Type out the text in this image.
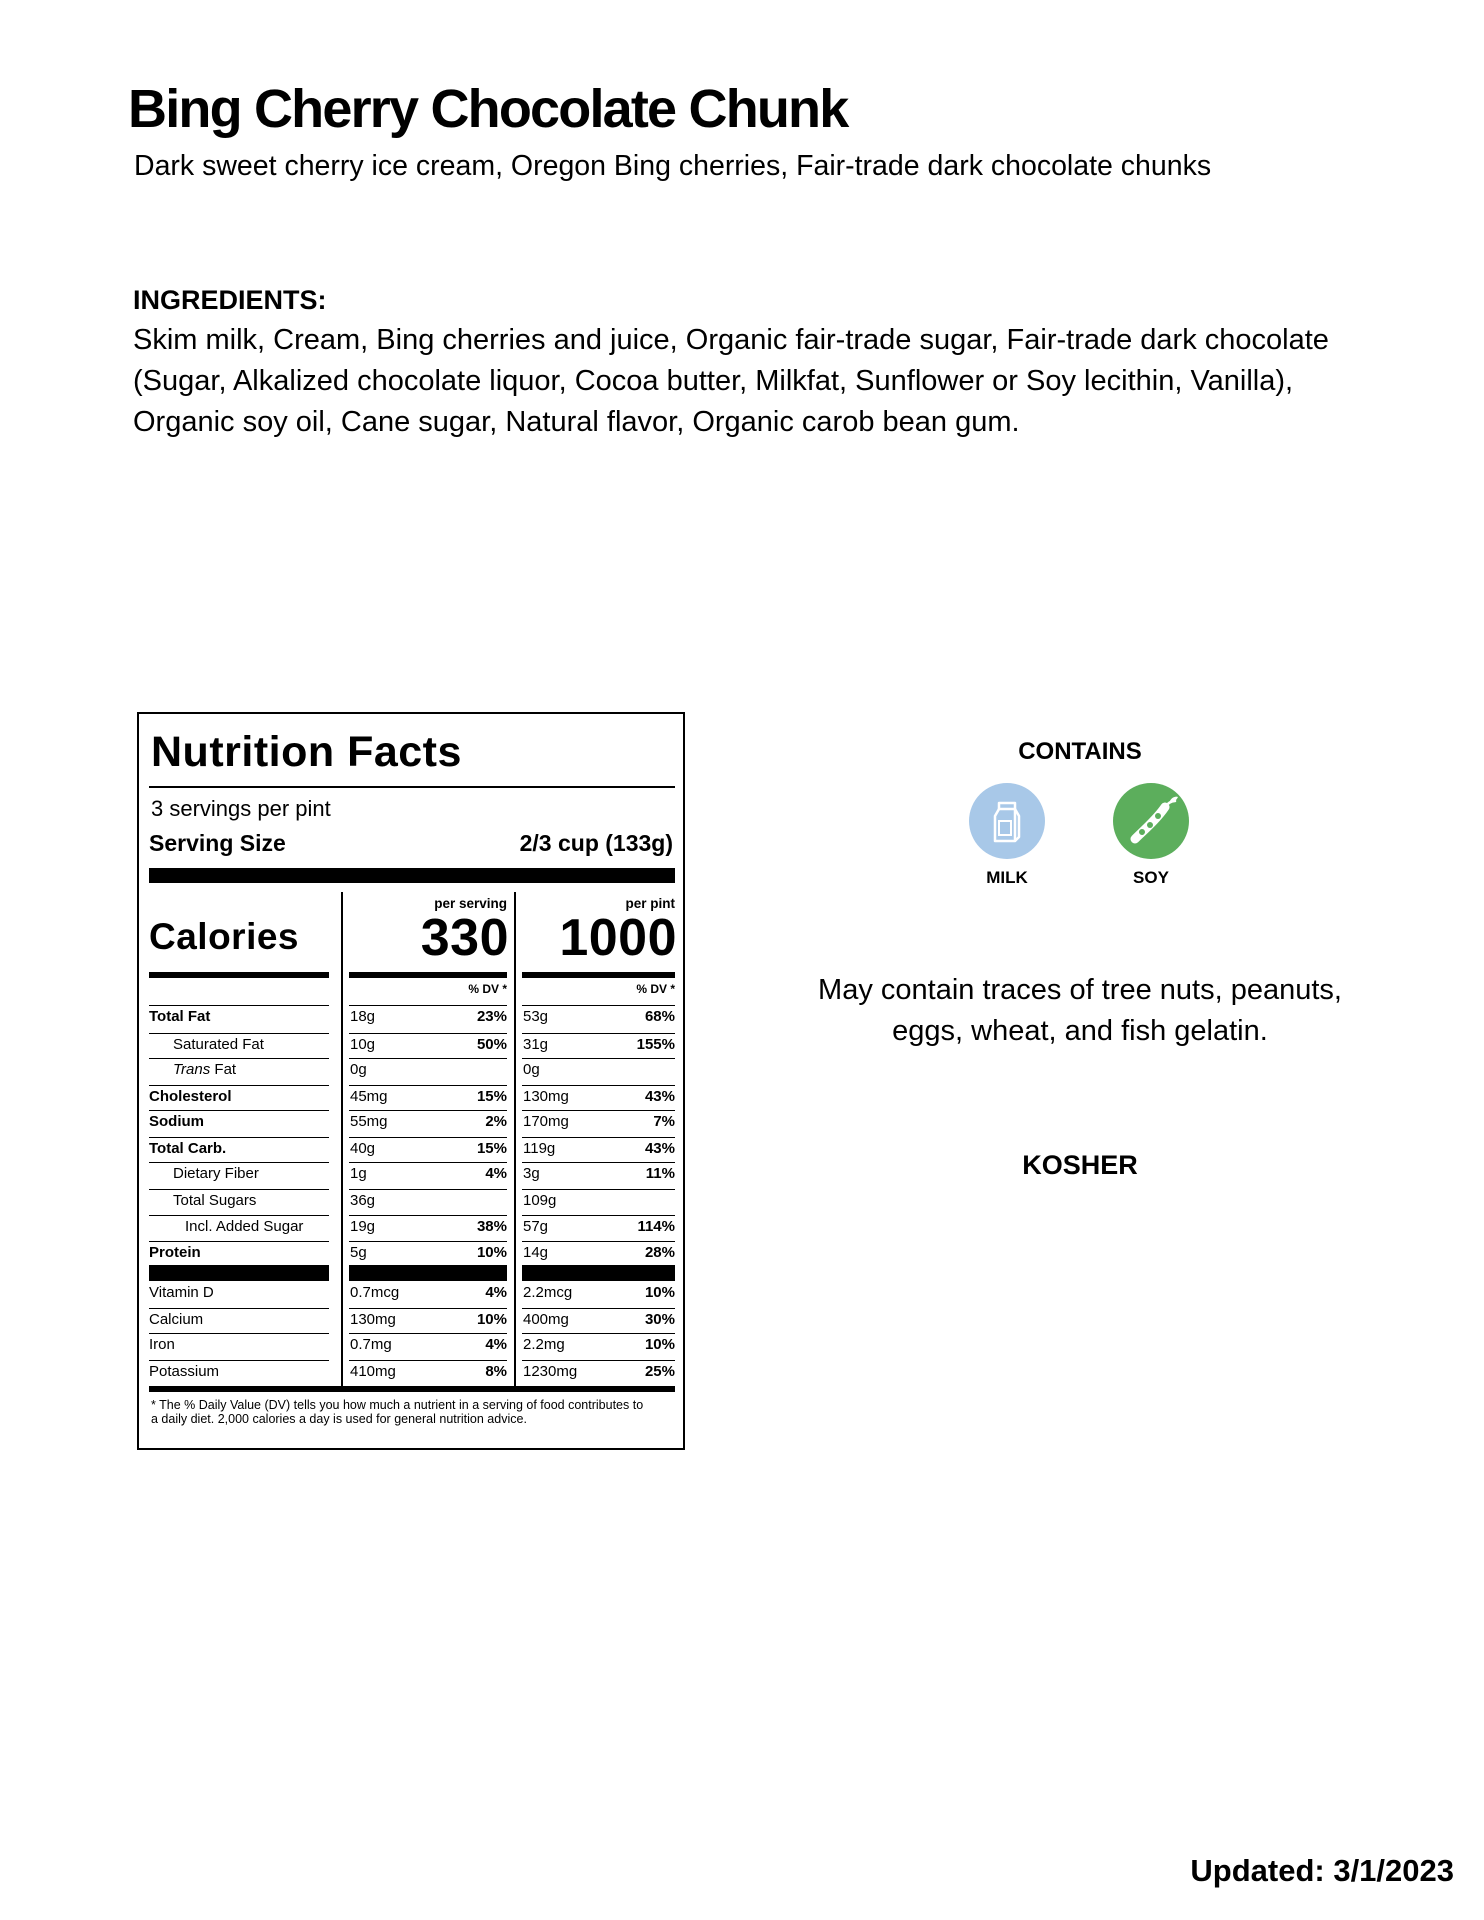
Bing Cherry Chocolate Chunk
Dark sweet cherry ice cream, Oregon Bing cherries, Fair-trade dark chocolate chunks
INGREDIENTS:
Skim milk, Cream, Bing cherries and juice, Organic fair-trade sugar, Fair-trade dark chocolate (Sugar, Alkalized chocolate liquor, Cocoa butter, Milkfat, Sunflower or Soy lecithin, Vanilla), Organic soy oil, Cane sugar, Natural flavor, Organic carob bean gum.
Nutrition Facts
3 servings per pint
Serving Size	2/3 cup (133g)
Calories
per serving	per pint
330 1000
% DV *	% DV *
* The % Daily Value (DV) tells you how much a nutrient in a serving of food contributes to a daily diet. 2,000 calories a day is used for general nutrition advice.
Total Fat	18g	23% 53g	68%
Saturated Fat	10g	50% 31g	155%
Trans Fat	0g	0g
Cholesterol	45mg	15% 130mg	43%
Sodium	55mg	2% 170mg	7%
Total Carb.	40g	15% 119g	43%
Dietary Fiber	1g	4% 3g	11%
Total Sugars	36g	109g
Incl. Added Sugar	19g	38% 57g	114%
Protein	5g	10% 14g	28%
Vitamin D	0.7mcg	4% 2.2mcg	10%
Calcium	130mg	10% 400mg	30%
Iron	0.7mg	4% 2.2mg	10%
Potassium	410mg	8% 1230mg	25%
CONTAINS
MILK	SOY
May contain traces of tree nuts, peanuts, eggs, wheat, and fish gelatin.
KOSHER
Updated: 3/1/2023
